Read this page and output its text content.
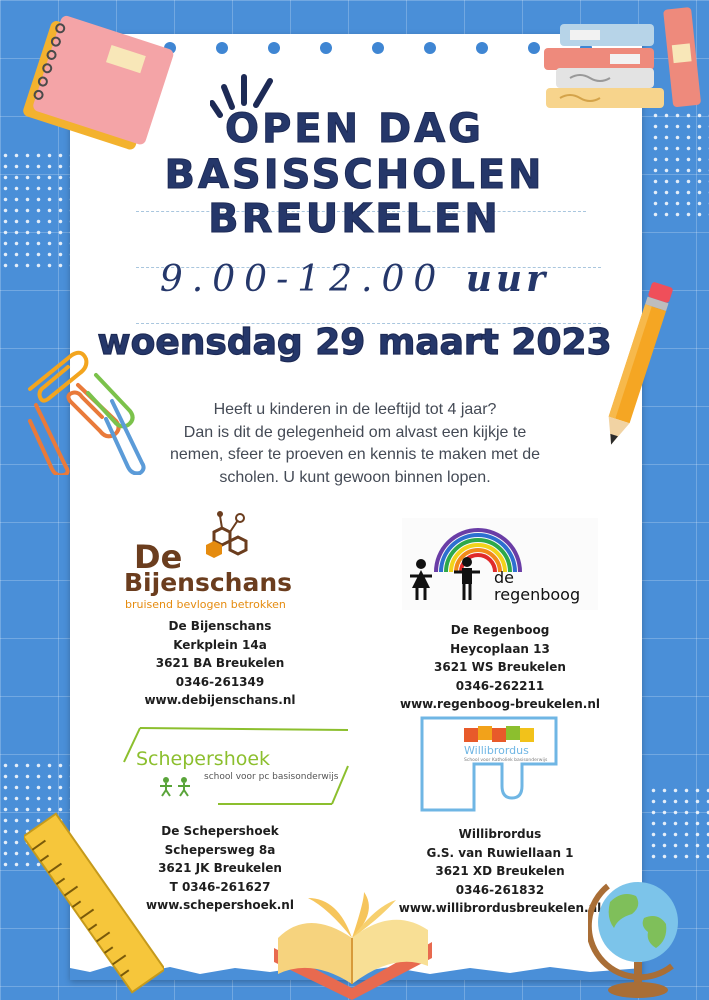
OPEN DAG
BASISSCHOLEN
BREUKELEN
9.00-12.00 uur
woensdag 29 maart 2023
Heeft u kinderen in de leeftijd tot 4 jaar?
Dan is dit de gelegenheid om alvast een kijkje te
nemen, sfeer te proeven en kennis te maken met de
scholen. U kunt gewoon binnen lopen.
De
Bijenschans
bruisend bevlogen betrokken
De Bijenschans
Kerkplein 14a
3621 BA Breukelen
0346-261349
www.debijenschans.nl
de
regenboog
De Regenboog
Heycoplaan 13
3621 WS Breukelen
0346-262211
www.regenboog-breukelen.nl
Schepershoek
school voor pc basisonderwijs
De Schepershoek
Schepersweg 8a
3621 JK Breukelen
T 0346-261627
www.schepershoek.nl
Willibrordus
School voor Katholiek basisonderwijs
Willibrordus
G.S. van Ruwiellaan 1
3621 XD Breukelen
0346-261832
www.willibrordusbreukelen.nl
